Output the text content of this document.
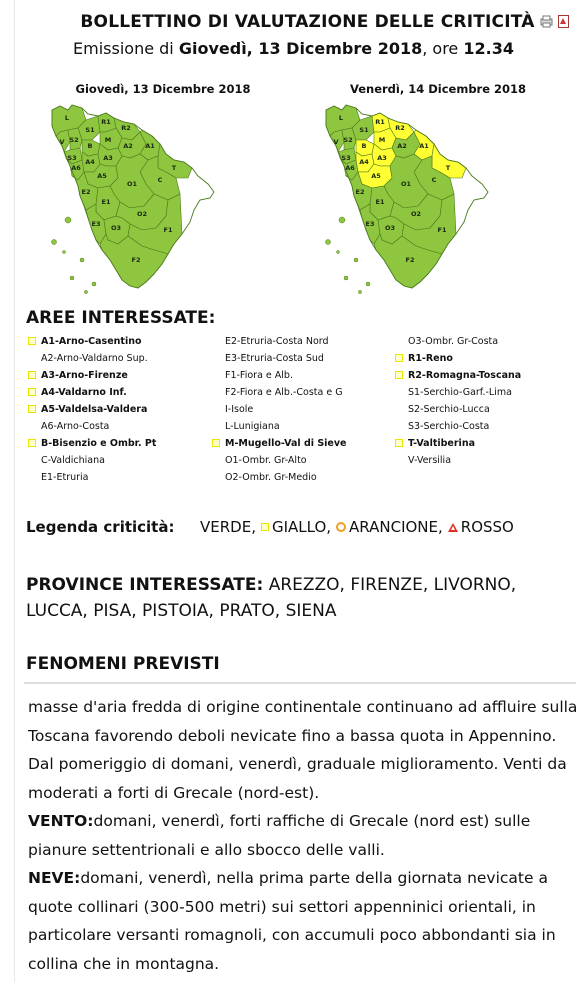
BOLLETTINO DI VALUTAZIONE DELLE CRITICITÀ
Emissione di Giovedì, 13 Dicembre 2018, ore 12.34
Giovedì, 13 Dicembre 2018	Venerdì, 14 Dicembre 2018
L
S1
R1
S2
S3
M
A2
R2
A4 A3
A1
T
A5
V
A6
E2
C
O1
E1
B
O3
O2
E3
F1
F2
L
S1
R1
S2
S3
M
A2
R2
A4 A3
A1
T
A5
V
A6
E2
C
O1
E1
B
O3
O2
E3
F1
F2
AREE INTERESSATE:
A1-Arno-Casentino
A2-Arno-Valdarno Sup.
A3-Arno-Firenze
A4-Valdarno Inf.
A5-Valdelsa-Valdera
A6-Arno-Costa
B-Bisenzio e Ombr. Pt
C-Valdichiana
E1-Etruria
E2-Etruria-Costa Nord
E3-Etruria-Costa Sud
F1-Fiora e Alb.
F2-Fiora e Alb.-Costa e G
I-Isole
L-Lunigiana
M-Mugello-Val di Sieve
O1-Ombr. Gr-Alto
O2-Ombr. Gr-Medio
O3-Ombr. Gr-Costa
R1-Reno
R2-Romagna-Toscana
S1-Serchio-Garf.-Lima
S2-Serchio-Lucca
S3-Serchio-Costa
T-Valtiberina
V-Versilia
Legenda criticità: VERDE, GIALLO, ARANCIONE, ROSSO
PROVINCE INTERESSATE: AREZZO, FIRENZE, LIVORNO, LUCCA, PISA, PISTOIA, PRATO, SIENA
FENOMENI PREVISTI

masse d'aria fredda di origine continentale continuano ad affluire sulla Toscana favorendo deboli nevicate fino a bassa quota in Appennino. Dal pomeriggio di domani, venerdì, graduale miglioramento. Venti da moderati a forti di Grecale (nord-est).

VENTO:domani, venerdì, forti raffiche di Grecale (nord est) sulle pianure settentrionali e allo sbocco delle valli.

NEVE:domani, venerdì, nella prima parte della giornata nevicate a quote collinari (300-500 metri) sui settori appenninici orientali, in particolare versanti romagnoli, con accumuli poco abbondanti sia in collina che in montagna.
